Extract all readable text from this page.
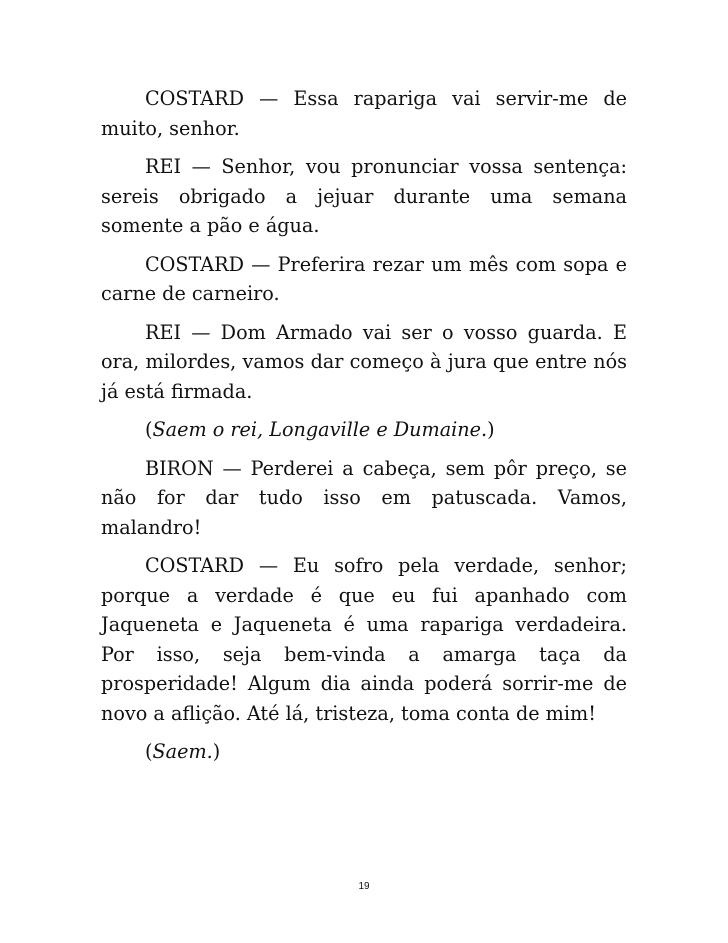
COSTARD — Essa rapariga vai servir-me de muito, senhor.

REI — Senhor, vou pronunciar vossa sentença: sereis obrigado a jejuar durante uma semana somente a pão e água.

COSTARD — Preferira rezar um mês com sopa e carne de carneiro.

REI — Dom Armado vai ser o vosso guarda. E ora, milordes, vamos dar começo à jura que entre nós já está firmada.

(Saem o rei, Longaville e Dumaine.)

BIRON — Perderei a cabeça, sem pôr preço, se não for dar tudo isso em patuscada. Vamos, malandro!

COSTARD — Eu sofro pela verdade, senhor; porque a verdade é que eu fui apanhado com Jaqueneta e Jaqueneta é uma rapariga verdadeira. Por isso, seja bem-vinda a amarga taça da prosperidade! Algum dia ainda poderá sorrir-me de novo a aflição. Até lá, tristeza, toma conta de mim!

(Saem.)

19
